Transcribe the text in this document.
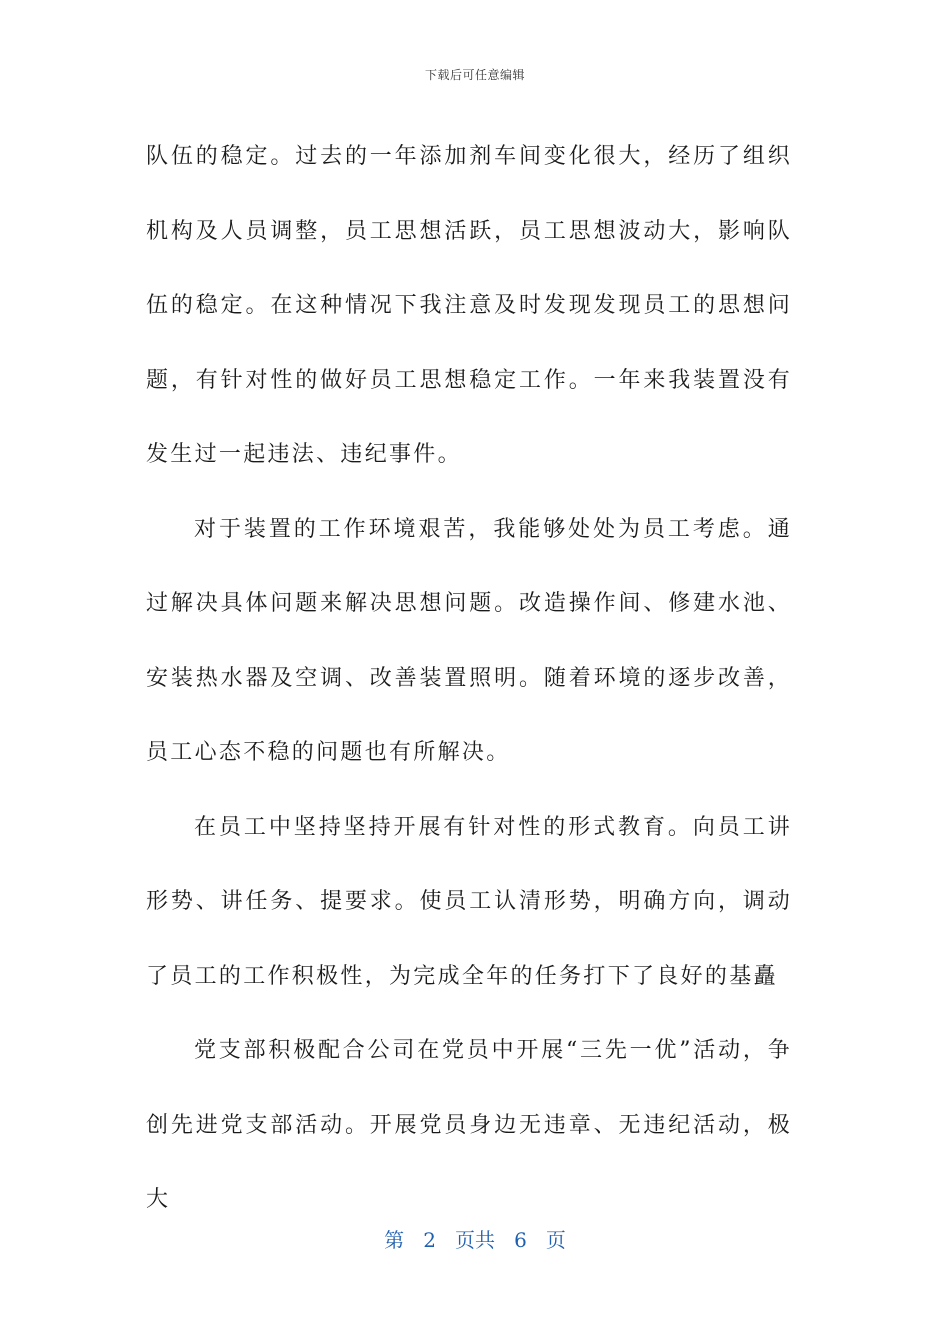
下载后可任意编辑

队伍的稳定。过去的一年添加剂车间变化很大，经历了组织机构及人员调整，员工思想活跃，员工思想波动大，影响队伍的稳定。在这种情况下我注意及时发现发现员工的思想问题，有针对性的做好员工思想稳定工作。一年来我装置没有发生过一起违法、违纪事件。

对于装置的工作环境艰苦，我能够处处为员工考虑。通过解决具体问题来解决思想问题。改造操作间、修建水池、安装热水器及空调、改善装置照明。随着环境的逐步改善，员工心态不稳的问题也有所解决。

在员工中坚持坚持开展有针对性的形式教育。向员工讲形势、讲任务、提要求。使员工认清形势，明确方向，调动了员工的工作积极性，为完成全年的任务打下了良好的基矗

党支部积极配合公司在党员中开展“三先一优”活动，争创先进党支部活动。开展党员身边无违章、无违纪活动，极大

第 2 页共 6 页
